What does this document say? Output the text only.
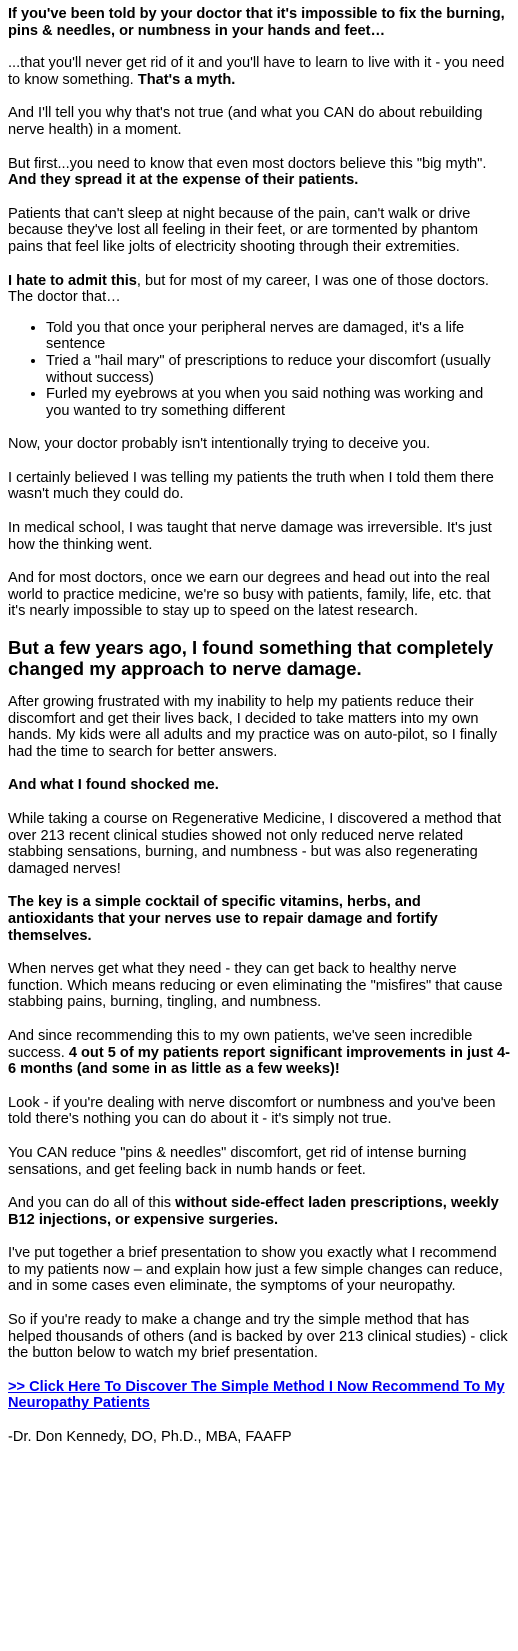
If you've been told by your doctor that it's impossible to fix the burning, pins & needles, or numbness in your hands and feet…

...that you'll never get rid of it and you'll have to learn to live with it - you need to know something. That's a myth.

And I'll tell you why that's not true (and what you CAN do about rebuilding nerve health) in a moment.

But first...you need to know that even most doctors believe this "big myth". And they spread it at the expense of their patients.

Patients that can't sleep at night because of the pain, can't walk or drive because they've lost all feeling in their feet, or are tormented by phantom pains that feel like jolts of electricity shooting through their extremities.

I hate to admit this, but for most of my career, I was one of those doctors. The doctor that…

• Told you that once your peripheral nerves are damaged, it's a life sentence
• Tried a "hail mary" of prescriptions to reduce your discomfort (usually without success)
• Furled my eyebrows at you when you said nothing was working and you wanted to try something different

Now, your doctor probably isn't intentionally trying to deceive you.

I certainly believed I was telling my patients the truth when I told them there wasn't much they could do.

In medical school, I was taught that nerve damage was irreversible. It's just how the thinking went.

And for most doctors, once we earn our degrees and head out into the real world to practice medicine, we're so busy with patients, family, life, etc. that it's nearly impossible to stay up to speed on the latest research.

But a few years ago, I found something that completely changed my approach to nerve damage.

After growing frustrated with my inability to help my patients reduce their discomfort and get their lives back, I decided to take matters into my own hands. My kids were all adults and my practice was on auto-pilot, so I finally had the time to search for better answers.

And what I found shocked me.

While taking a course on Regenerative Medicine, I discovered a method that over 213 recent clinical studies showed not only reduced nerve related stabbing sensations, burning, and numbness - but was also regenerating damaged nerves!

The key is a simple cocktail of specific vitamins, herbs, and antioxidants that your nerves use to repair damage and fortify themselves.

When nerves get what they need - they can get back to healthy nerve function. Which means reducing or even eliminating the "misfires" that cause stabbing pains, burning, tingling, and numbness.

And since recommending this to my own patients, we've seen incredible success. 4 out 5 of my patients report significant improvements in just 4-6 months (and some in as little as a few weeks)!

Look - if you're dealing with nerve discomfort or numbness and you've been told there's nothing you can do about it - it's simply not true.

You CAN reduce "pins & needles" discomfort, get rid of intense burning sensations, and get feeling back in numb hands or feet.

And you can do all of this without side-effect laden prescriptions, weekly B12 injections, or expensive surgeries.

I've put together a brief presentation to show you exactly what I recommend to my patients now – and explain how just a few simple changes can reduce, and in some cases even eliminate, the symptoms of your neuropathy.

So if you're ready to make a change and try the simple method that has helped thousands of others (and is backed by over 213 clinical studies) - click the button below to watch my brief presentation.

>> Click Here To Discover The Simple Method I Now Recommend To My Neuropathy Patients

-Dr. Don Kennedy, DO, Ph.D., MBA, FAAFP
